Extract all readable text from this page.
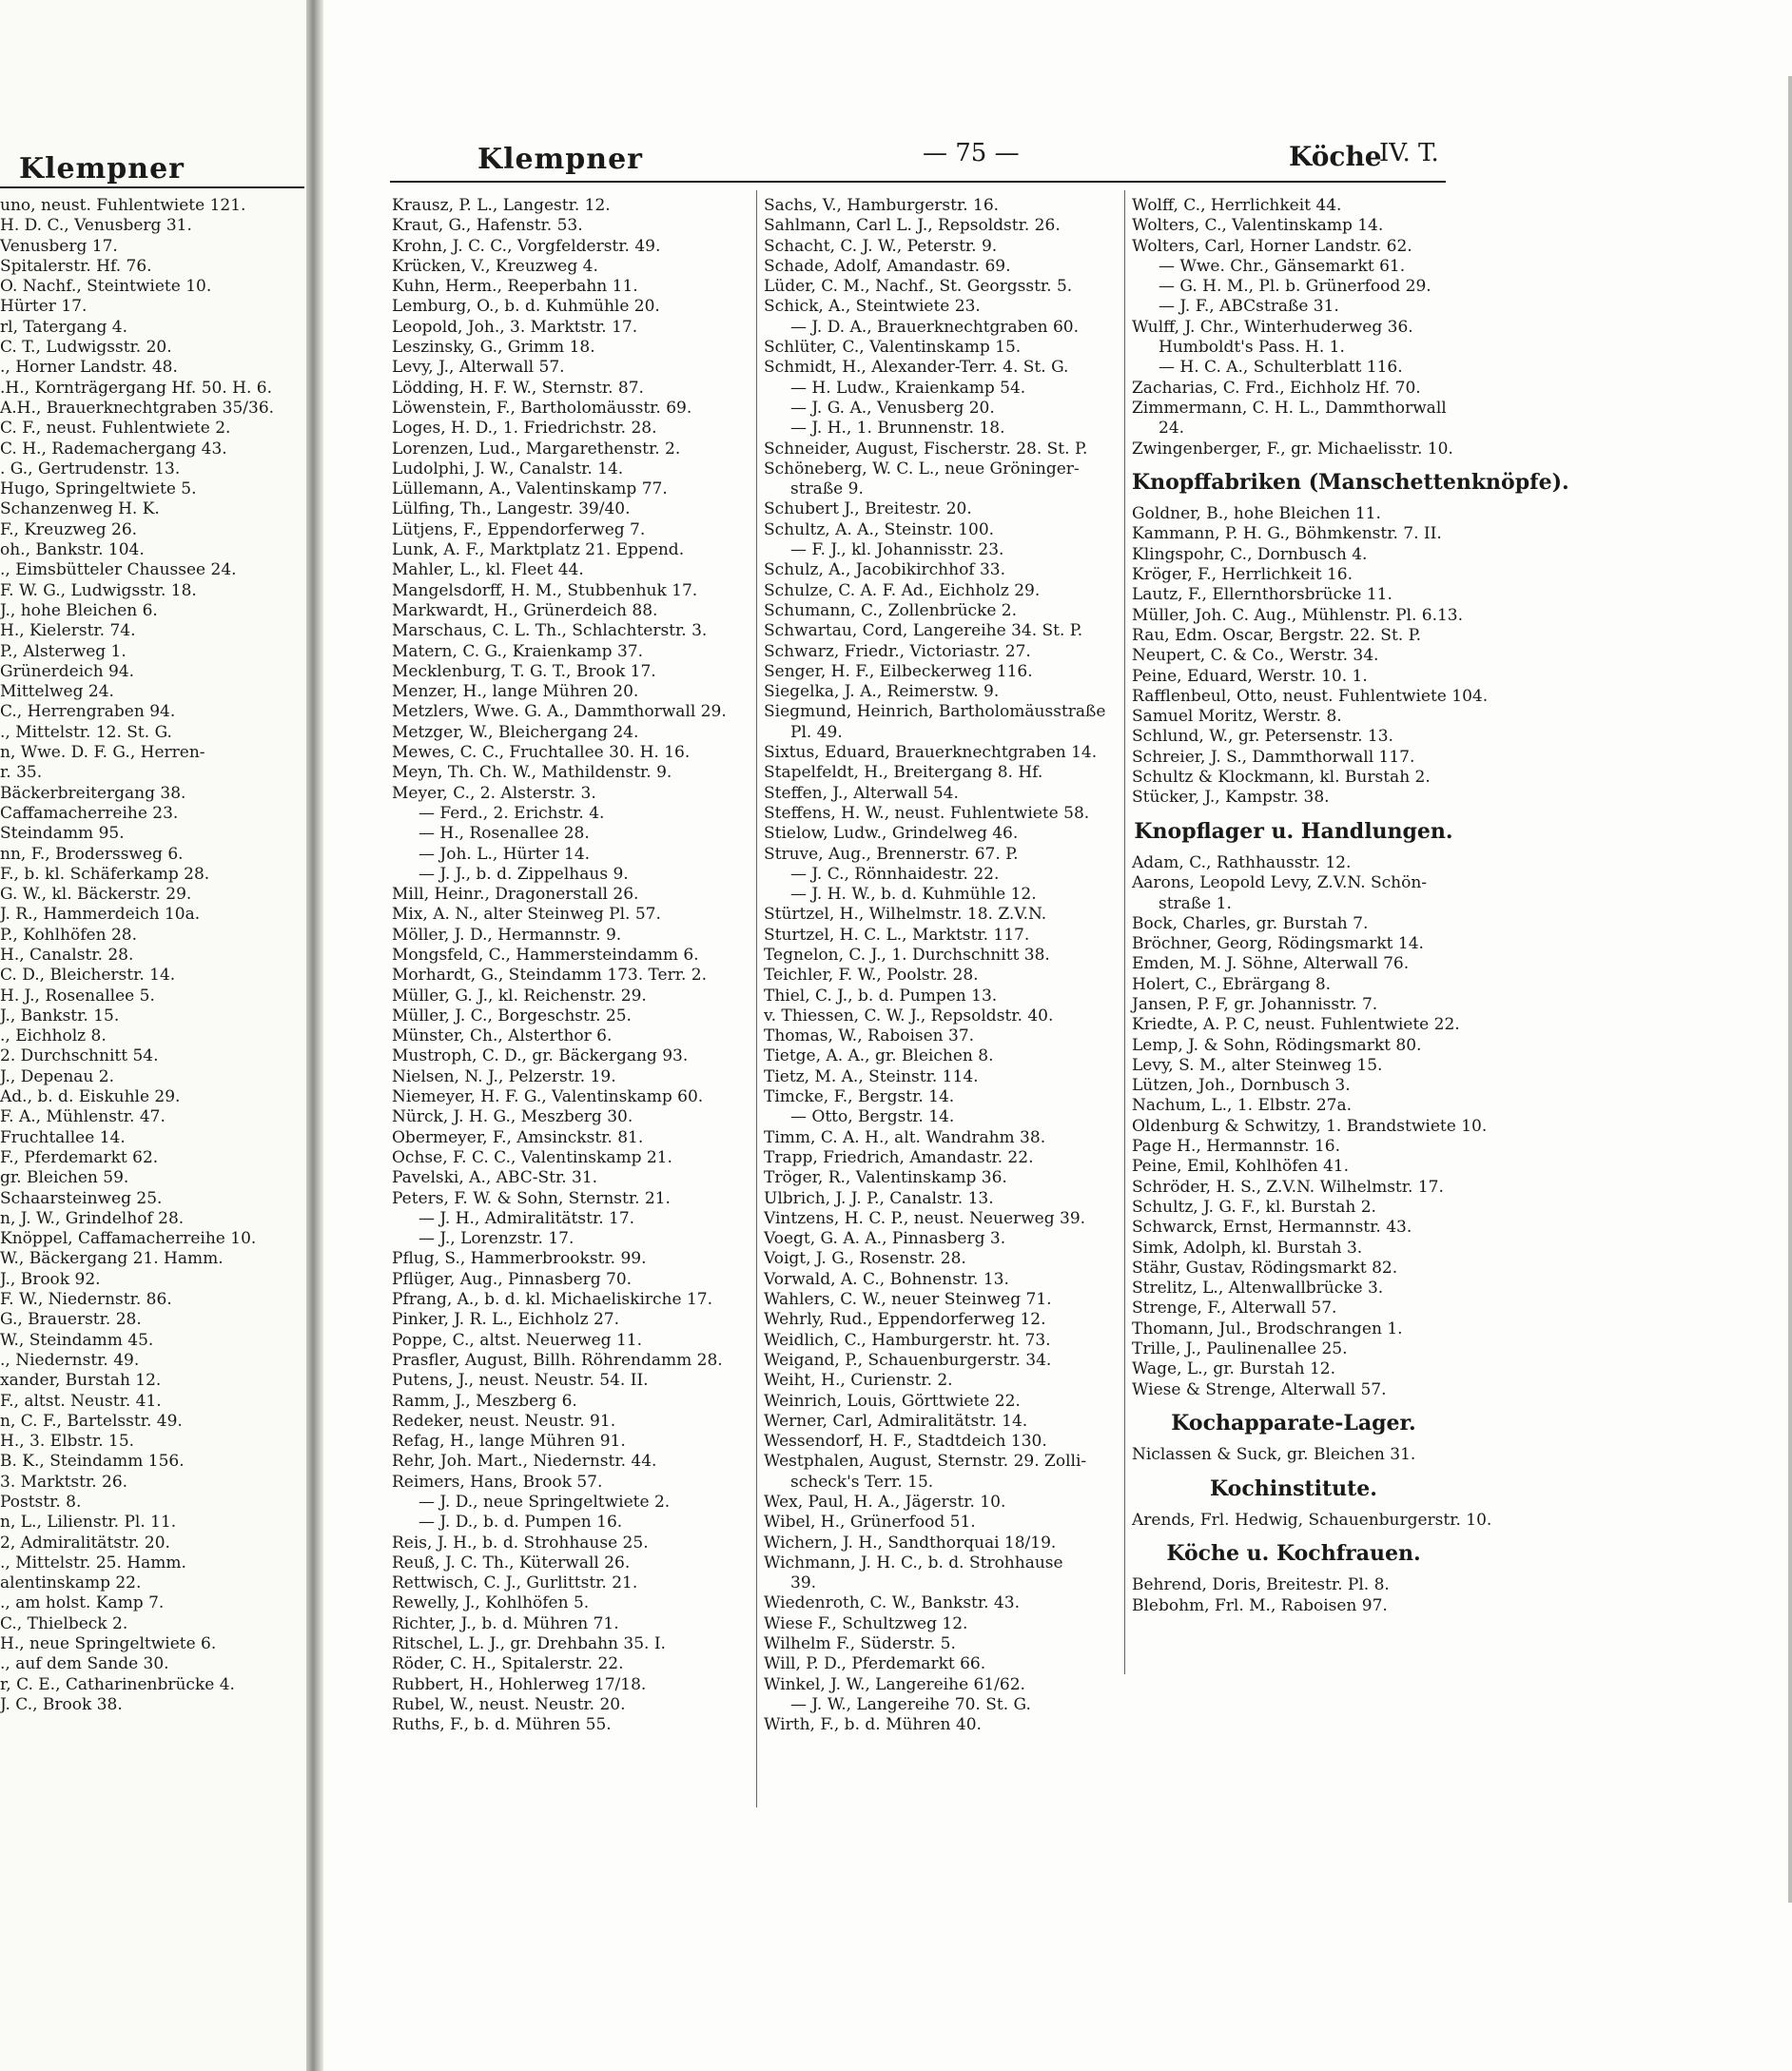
Klempner
uno, neust. Fuhlentwiete 121.
H. D. C., Venusberg 31.
Venusberg 17.
Spitalerstr. Hf. 76.
O. Nachf., Steintwiete 10.
Hürter 17.
rl, Tatergang 4.
C. T., Ludwigsstr. 20.
., Horner Landstr. 48.
.H., Kornträgergang Hf. 50. H. 6.
A.H., Brauerknechtgraben 35/36.
C. F., neust. Fuhlentwiete 2.
C. H., Rademachergang 43.
. G., Gertrudenstr. 13.
Hugo, Springeltwiete 5.
Schanzenweg H. K.
F., Kreuzweg 26.
oh., Bankstr. 104.
., Eimsbütteler Chaussee 24.
F. W. G., Ludwigsstr. 18.
J., hohe Bleichen 6.
H., Kielerstr. 74.
P., Alsterweg 1.
Grünerdeich 94.
Mittelweg 24.
C., Herrengraben 94.
., Mittelstr. 12. St. G.
n, Wwe. D. F. G., Herren-
r. 35.
Bäckerbreitergang 38.
Caffamacherreihe 23.
Steindamm 95.
nn, F., Broderssweg 6.
F., b. kl. Schäferkamp 28.
G. W., kl. Bäckerstr. 29.
J. R., Hammerdeich 10a.
P., Kohlhöfen 28.
H., Canalstr. 28.
C. D., Bleicherstr. 14.
H. J., Rosenallee 5.
J., Bankstr. 15.
., Eichholz 8.
2. Durchschnitt 54.
J., Depenau 2.
Ad., b. d. Eiskuhle 29.
F. A., Mühlenstr. 47.
Fruchtallee 14.
F., Pferdemarkt 62.
gr. Bleichen 59.
Schaarsteinweg 25.
n, J. W., Grindelhof 28.
Knöppel, Caffamacherreihe 10.
W., Bäckergang 21. Hamm.
J., Brook 92.
F. W., Niedernstr. 86.
G., Brauerstr. 28.
W., Steindamm 45.
., Niedernstr. 49.
xander, Burstah 12.
F., altst. Neustr. 41.
n, C. F., Bartelsstr. 49.
H., 3. Elbstr. 15.
B. K., Steindamm 156.
3. Marktstr. 26.
Poststr. 8.
n, L., Lilienstr. Pl. 11.
2, Admiralitätstr. 20.
., Mittelstr. 25. Hamm.
alentinskamp 22.
., am holst. Kamp 7.
C., Thielbeck 2.
H., neue Springeltwiete 6.
., auf dem Sande 30.
r, C. E., Catharinenbrücke 4.
J. C., Brook 38.
Klempner	— 75 —	Köche
IV. T.
Krausz, P. L., Langestr. 12.
Kraut, G., Hafenstr. 53.
Krohn, J. C. C., Vorgfelderstr. 49.
Krücken, V., Kreuzweg 4.
Kuhn, Herm., Reeperbahn 11.
Lemburg, O., b. d. Kuhmühle 20.
Leopold, Joh., 3. Marktstr. 17.
Leszinsky, G., Grimm 18.
Levy, J., Alterwall 57.
Lödding, H. F. W., Sternstr. 87.
Löwenstein, F., Bartholomäusstr. 69.
Loges, H. D., 1. Friedrichstr. 28.
Lorenzen, Lud., Margarethenstr. 2.
Ludolphi, J. W., Canalstr. 14.
Lüllemann, A., Valentinskamp 77.
Lülfing, Th., Langestr. 39/40.
Lütjens, F., Eppendorferweg 7.
Lunk, A. F., Marktplatz 21. Eppend.
Mahler, L., kl. Fleet 44.
Mangelsdorff, H. M., Stubbenhuk 17.
Markwardt, H., Grünerdeich 88.
Marschaus, C. L. Th., Schlachterstr. 3.
Matern, C. G., Kraienkamp 37.
Mecklenburg, T. G. T., Brook 17.
Menzer, H., lange Mühren 20.
Metzlers, Wwe. G. A., Dammthorwall 29.
Metzger, W., Bleichergang 24.
Mewes, C. C., Fruchtallee 30. H. 16.
Meyn, Th. Ch. W., Mathildenstr. 9.
Meyer, C., 2. Alsterstr. 3.
— Ferd., 2. Erichstr. 4.
— H., Rosenallee 28.
— Joh. L., Hürter 14.
— J. J., b. d. Zippelhaus 9.
Mill, Heinr., Dragonerstall 26.
Mix, A. N., alter Steinweg Pl. 57.
Möller, J. D., Hermannstr. 9.
Mongsfeld, C., Hammersteindamm 6.
Morhardt, G., Steindamm 173. Terr. 2.
Müller, G. J., kl. Reichenstr. 29.
Müller, J. C., Borgeschstr. 25.
Münster, Ch., Alsterthor 6.
Mustroph, C. D., gr. Bäckergang 93.
Nielsen, N. J., Pelzerstr. 19.
Niemeyer, H. F. G., Valentinskamp 60.
Nürck, J. H. G., Meszberg 30.
Obermeyer, F., Amsinckstr. 81.
Ochse, F. C. C., Valentinskamp 21.
Pavelski, A., ABC-Str. 31.
Peters, F. W. & Sohn, Sternstr. 21.
— J. H., Admiralitätstr. 17.
— J., Lorenzstr. 17.
Pflug, S., Hammerbrookstr. 99.
Pflüger, Aug., Pinnasberg 70.
Pfrang, A., b. d. kl. Michaeliskirche 17.
Pinker, J. R. L., Eichholz 27.
Poppe, C., altst. Neuerweg 11.
Prasfler, August, Billh. Röhrendamm 28.
Putens, J., neust. Neustr. 54. II.
Ramm, J., Meszberg 6.
Redeker, neust. Neustr. 91.
Refag, H., lange Mühren 91.
Rehr, Joh. Mart., Niedernstr. 44.
Reimers, Hans, Brook 57.
— J. D., neue Springeltwiete 2.
— J. D., b. d. Pumpen 16.
Reis, J. H., b. d. Strohhause 25.
Reuß, J. C. Th., Küterwall 26.
Rettwisch, C. J., Gurlittstr. 21.
Rewelly, J., Kohlhöfen 5.
Richter, J., b. d. Mühren 71.
Ritschel, L. J., gr. Drehbahn 35. I.
Röder, C. H., Spitalerstr. 22.
Rubbert, H., Hohlerweg 17/18.
Rubel, W., neust. Neustr. 20.
Ruths, F., b. d. Mühren 55.
Sachs, V., Hamburgerstr. 16.
Sahlmann, Carl L. J., Repsoldstr. 26.
Schacht, C. J. W., Peterstr. 9.
Schade, Adolf, Amandastr. 69.
Lüder, C. M., Nachf., St. Georgsstr. 5.
Schick, A., Steintwiete 23.
— J. D. A., Brauerknechtgraben 60.
Schlüter, C., Valentinskamp 15.
Schmidt, H., Alexander-Terr. 4. St. G.
— H. Ludw., Kraienkamp 54.
— J. G. A., Venusberg 20.
— J. H., 1. Brunnenstr. 18.
Schneider, August, Fischerstr. 28. St. P.
Schöneberg, W. C. L., neue Gröninger-
straße 9.
Schubert J., Breitestr. 20.
Schultz, A. A., Steinstr. 100.
— F. J., kl. Johannisstr. 23.
Schulz, A., Jacobikirchhof 33.
Schulze, C. A. F. Ad., Eichholz 29.
Schumann, C., Zollenbrücke 2.
Schwartau, Cord, Langereihe 34. St. P.
Schwarz, Friedr., Victoriastr. 27.
Senger, H. F., Eilbeckerweg 116.
Siegelka, J. A., Reimerstw. 9.
Siegmund, Heinrich, Bartholomäusstraße
Pl. 49.
Sixtus, Eduard, Brauerknechtgraben 14.
Stapelfeldt, H., Breitergang 8. Hf.
Steffen, J., Alterwall 54.
Steffens, H. W., neust. Fuhlentwiete 58.
Stielow, Ludw., Grindelweg 46.
Struve, Aug., Brennerstr. 67. P.
— J. C., Rönnhaidestr. 22.
— J. H. W., b. d. Kuhmühle 12.
Stürtzel, H., Wilhelmstr. 18. Z.V.N.
Sturtzel, H. C. L., Marktstr. 117.
Tegnelon, C. J., 1. Durchschnitt 38.
Teichler, F. W., Poolstr. 28.
Thiel, C. J., b. d. Pumpen 13.
v. Thiessen, C. W. J., Repsoldstr. 40.
Thomas, W., Raboisen 37.
Tietge, A. A., gr. Bleichen 8.
Tietz, M. A., Steinstr. 114.
Timcke, F., Bergstr. 14.
— Otto, Bergstr. 14.
Timm, C. A. H., alt. Wandrahm 38.
Trapp, Friedrich, Amandastr. 22.
Tröger, R., Valentinskamp 36.
Ulbrich, J. J. P., Canalstr. 13.
Vintzens, H. C. P., neust. Neuerweg 39.
Voegt, G. A. A., Pinnasberg 3.
Voigt, J. G., Rosenstr. 28.
Vorwald, A. C., Bohnenstr. 13.
Wahlers, C. W., neuer Steinweg 71.
Wehrly, Rud., Eppendorferweg 12.
Weidlich, C., Hamburgerstr. ht. 73.
Weigand, P., Schauenburgerstr. 34.
Weiht, H., Curienstr. 2.
Weinrich, Louis, Görttwiete 22.
Werner, Carl, Admiralitätstr. 14.
Wessendorf, H. F., Stadtdeich 130.
Westphalen, August, Sternstr. 29. Zolli-
scheck's Terr. 15.
Wex, Paul, H. A., Jägerstr. 10.
Wibel, H., Grünerfood 51.
Wichern, J. H., Sandthorquai 18/19.
Wichmann, J. H. C., b. d. Strohhause
39.
Wiedenroth, C. W., Bankstr. 43.
Wiese F., Schultzweg 12.
Wilhelm F., Süderstr. 5.
Will, P. D., Pferdemarkt 66.
Winkel, J. W., Langereihe 61/62.
— J. W., Langereihe 70. St. G.
Wirth, F., b. d. Mühren 40.
Wolff, C., Herrlichkeit 44.
Wolters, C., Valentinskamp 14.
Wolters, Carl, Horner Landstr. 62.
— Wwe. Chr., Gänsemarkt 61.
— G. H. M., Pl. b. Grünerfood 29.
— J. F., ABCstraße 31.
Wulff, J. Chr., Winterhuderweg 36.
Humboldt's Pass. H. 1.
— H. C. A., Schulterblatt 116.
Zacharias, C. Frd., Eichholz Hf. 70.
Zimmermann, C. H. L., Dammthorwall
24.
Zwingenberger, F., gr. Michaelisstr. 10.
Knopffabriken (Manschettenknöpfe).
Goldner, B., hohe Bleichen 11.
Kammann, P. H. G., Böhmkenstr. 7. II.
Klingspohr, C., Dornbusch 4.
Kröger, F., Herrlichkeit 16.
Lautz, F., Ellernthorsbrücke 11.
Müller, Joh. C. Aug., Mühlenstr. Pl. 6.13.
Rau, Edm. Oscar, Bergstr. 22. St. P.
Neupert, C. & Co., Werstr. 34.
Peine, Eduard, Werstr. 10. 1.
Rafflenbeul, Otto, neust. Fuhlentwiete 104.
Samuel Moritz, Werstr. 8.
Schlund, W., gr. Petersenstr. 13.
Schreier, J. S., Dammthorwall 117.
Schultz & Klockmann, kl. Burstah 2.
Stücker, J., Kampstr. 38.
Knopflager u. Handlungen.
Adam, C., Rathhausstr. 12.
Aarons, Leopold Levy, Z.V.N. Schön-
straße 1.
Bock, Charles, gr. Burstah 7.
Bröchner, Georg, Rödingsmarkt 14.
Emden, M. J. Söhne, Alterwall 76.
Holert, C., Ebrärgang 8.
Jansen, P. F, gr. Johannisstr. 7.
Kriedte, A. P. C, neust. Fuhlentwiete 22.
Lemp, J. & Sohn, Rödingsmarkt 80.
Levy, S. M., alter Steinweg 15.
Lützen, Joh., Dornbusch 3.
Nachum, L., 1. Elbstr. 27a.
Oldenburg & Schwitzy, 1. Brandstwiete 10.
Page H., Hermannstr. 16.
Peine, Emil, Kohlhöfen 41.
Schröder, H. S., Z.V.N. Wilhelmstr. 17.
Schultz, J. G. F., kl. Burstah 2.
Schwarck, Ernst, Hermannstr. 43.
Simk, Adolph, kl. Burstah 3.
Stähr, Gustav, Rödingsmarkt 82.
Strelitz, L., Altenwallbrücke 3.
Strenge, F., Alterwall 57.
Thomann, Jul., Brodschrangen 1.
Trille, J., Paulinenallee 25.
Wage, L., gr. Burstah 12.
Wiese & Strenge, Alterwall 57.
Kochapparate-Lager.
Niclassen & Suck, gr. Bleichen 31.
Kochinstitute.
Arends, Frl. Hedwig, Schauenburgerstr. 10.
Köche u. Kochfrauen.
Behrend, Doris, Breitestr. Pl. 8.
Blebohm, Frl. M., Raboisen 97.
